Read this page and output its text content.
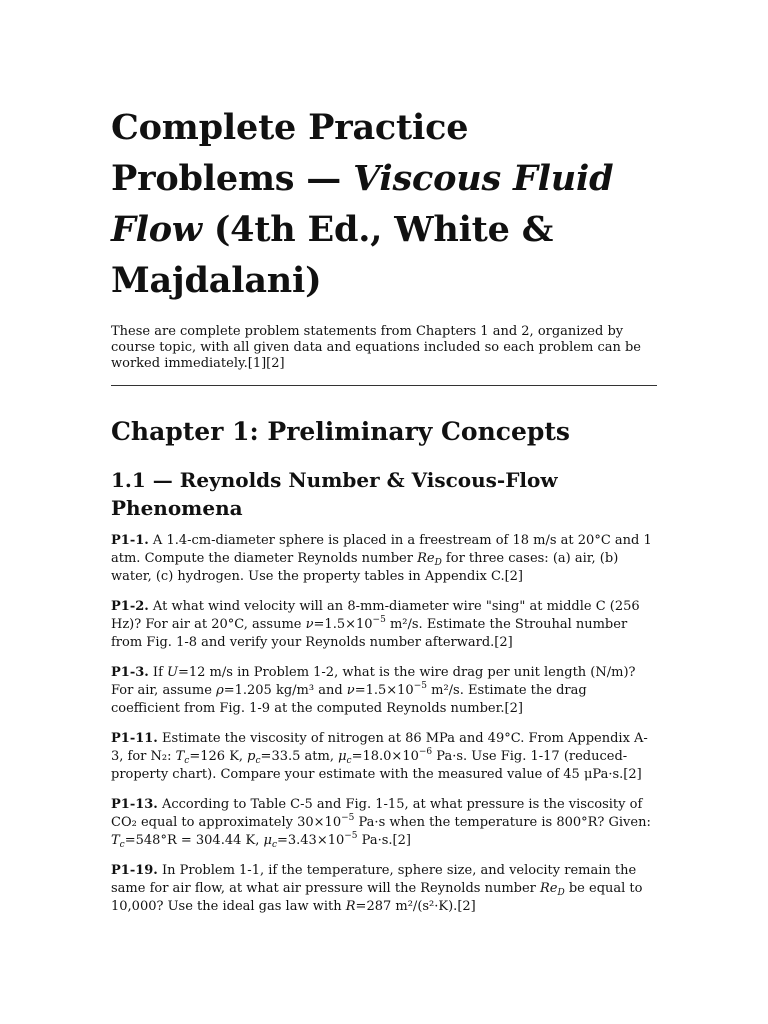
Complete Practice Problems — Viscous Fluid Flow (4th Ed., White & Majdalani)

These are complete problem statements from Chapters 1 and 2, organized by course topic, with all given data and equations included so each problem can be worked immediately.[1][2]

Chapter 1: Preliminary Concepts
1.1 — Reynolds Number & Viscous-Flow Phenomena

P1-1. A 1.4-cm-diameter sphere is placed in a freestream of 18 m/s at 20°C and 1 atm. Compute the diameter Reynolds number $Re_D$ for three cases: (a) air, (b) water, (c) hydrogen. Use the property tables in Appendix C.[2]

P1-2. At what wind velocity will an 8-mm-diameter wire "sing" at middle C (256 Hz)? For air at 20°C, assume $\nu=1.5\times 10^{-5}$ m²/s. Estimate the Strouhal number from Fig. 1-8 and verify your Reynolds number afterward.[2]

P1-3. If U=12 m/s in Problem 1-2, what is the wire drag per unit length (N/m)? For air, assume ρ=1.205 kg/m³ and $\nu=1.5\times 10^{-5}$ m²/s. Estimate the drag coefficient from Fig. 1-9 at the computed Reynolds number.[2]

P1-11. Estimate the viscosity of nitrogen at 86 MPa and 49°C. From Appendix A-3, for N₂: $T_c=126$ K, $p_c=33.5$ atm, $\mu_c=18.0\times 10^{-6}$ Pa·s. Use Fig. 1-17 (reduced-property chart). Compare your estimate with the measured value of 45 μPa·s.[2]

P1-13. According to Table C-5 and Fig. 1-15, at what pressure is the viscosity of CO₂ equal to approximately $30\times 10^{-5}$ Pa·s when the temperature is 800°R? Given: $T_c=548^\circ R = 304.44$ K, $\mu_c=3.43\times 10^{-5}$ Pa·s.[2]

P1-19. In Problem 1-1, if the temperature, sphere size, and velocity remain the same for air flow, at what air pressure will the Reynolds number $Re_D$ be equal to 10,000? Use the ideal gas law with R=287 m²/(s²·K).[2]
